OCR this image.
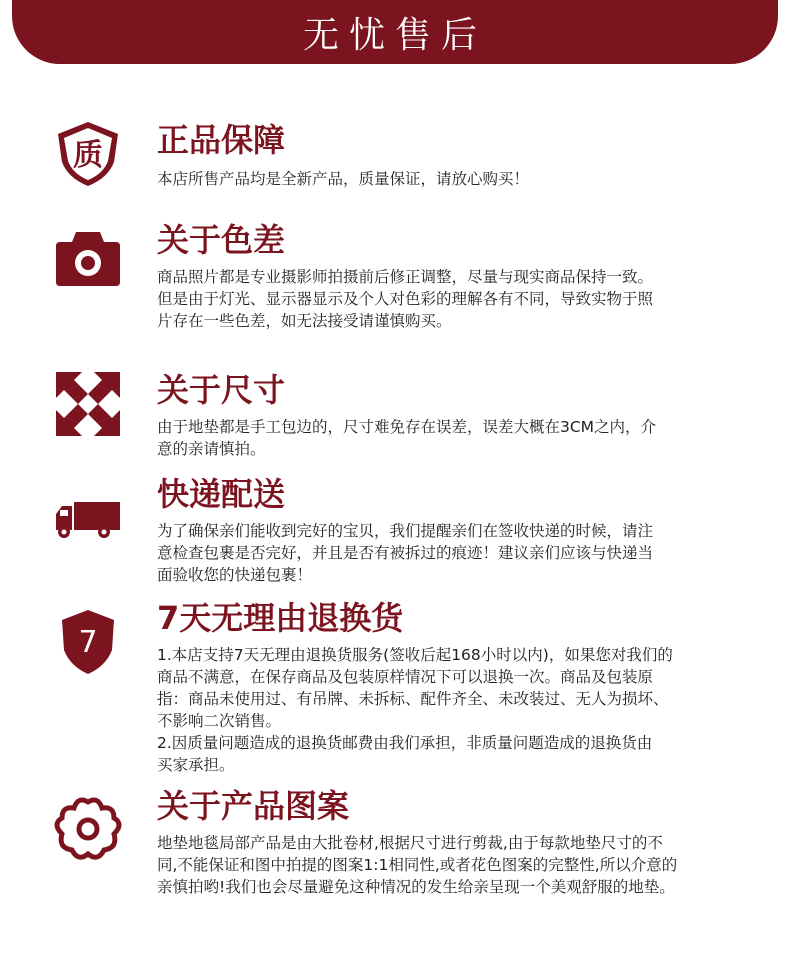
WORRY FREE AFTER SALE
质 正品保障

本店所售产品均是全新产品，质量保证，请放心购买！

关于色差

商品照片都是专业摄影师拍摄前后修正调整，尽量与现实商品保持一致。

但是由于灯光、显示器显示及个人对色彩的理解各有不同，导致实物于照

片存在一些色差，如无法接受请谨慎购买。

关于尺寸

由于地垫都是手工包边的，尺寸难免存在误差，误差大概在3CM之内，介

意的亲请慎拍。

快递配送

为了确保亲们能收到完好的宝贝，我们提醒亲们在签收快递的时候，请注

意检查包裹是否完好，并且是否有被拆过的痕迹！建议亲们应该与快递当

面验收您的快递包裹！

7
7天无理由退换货

1.本店支持7天无理由退换货服务(签收后起168小时以内)，如果您对我们的

商品不满意，在保存商品及包装原样情况下可以退换一次。商品及包装原

指：商品未使用过、有吊牌、未拆标、配件齐全、未改装过、无人为损坏、

不影响二次销售。

2.因质量问题造成的退换货邮费由我们承担，非质量问题造成的退换货由

买家承担。

关于产品图案

地垫地毯局部产品是由大批卷材,根据尺寸进行剪裁,由于每款地垫尺寸的不

同,不能保证和图中拍提的图案1:1相同性,或者花色图案的完整性,所以介意的

亲慎拍哟!我们也会尽量避免这种情况的发生给亲呈现一个美观舒服的地垫。
